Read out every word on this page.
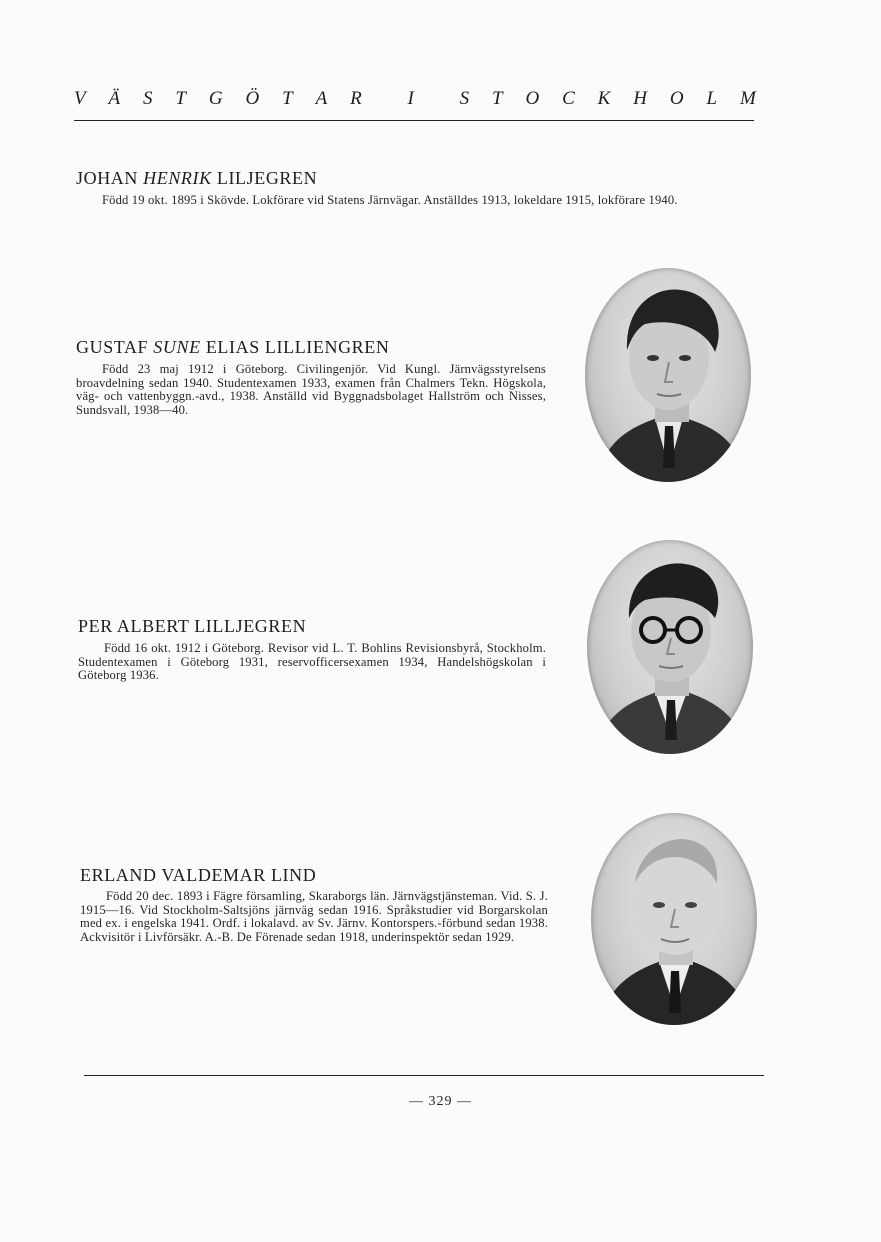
V Ä S T G Ö T A R I S T O C K H O L M
JOHAN HENRIK LILJEGREN
Född 19 okt. 1895 i Skövde. Lokförare vid Statens Järnvägar. Anställdes 1913, lokeldare 1915, lokförare 1940.
GUSTAF SUNE ELIAS LILLIENGREN
Född 23 maj 1912 i Göteborg. Civilingenjör. Vid Kungl. Järnvägsstyrelsens broavdelning sedan 1940. Studentexamen 1933, examen från Chalmers Tekn. Högskola, väg- och vattenbyggn.-avd., 1938. Anställd vid Byggnadsbolaget Hallström och Nisses, Sundsvall, 1938—40.
PER ALBERT LILLJEGREN
Född 16 okt. 1912 i Göteborg. Revisor vid L. T. Bohlins Revisionsbyrå, Stockholm. Studentexamen i Göteborg 1931, reservofficersexamen 1934, Handelshögskolan i Göteborg 1936.
ERLAND VALDEMAR LIND
Född 20 dec. 1893 i Fägre församling, Skaraborgs län. Järnvägstjänsteman. Vid. S. J. 1915—16. Vid Stockholm-Saltsjöns järnväg sedan 1916. Språkstudier vid Borgarskolan med ex. i engelska 1941. Ordf. i lokalavd. av Sv. Järnv. Kontorspers.-förbund sedan 1938. Ackvisitör i Livförsäkr. A.-B. De Förenade sedan 1918, underinspektör sedan 1929.
— 329 —
